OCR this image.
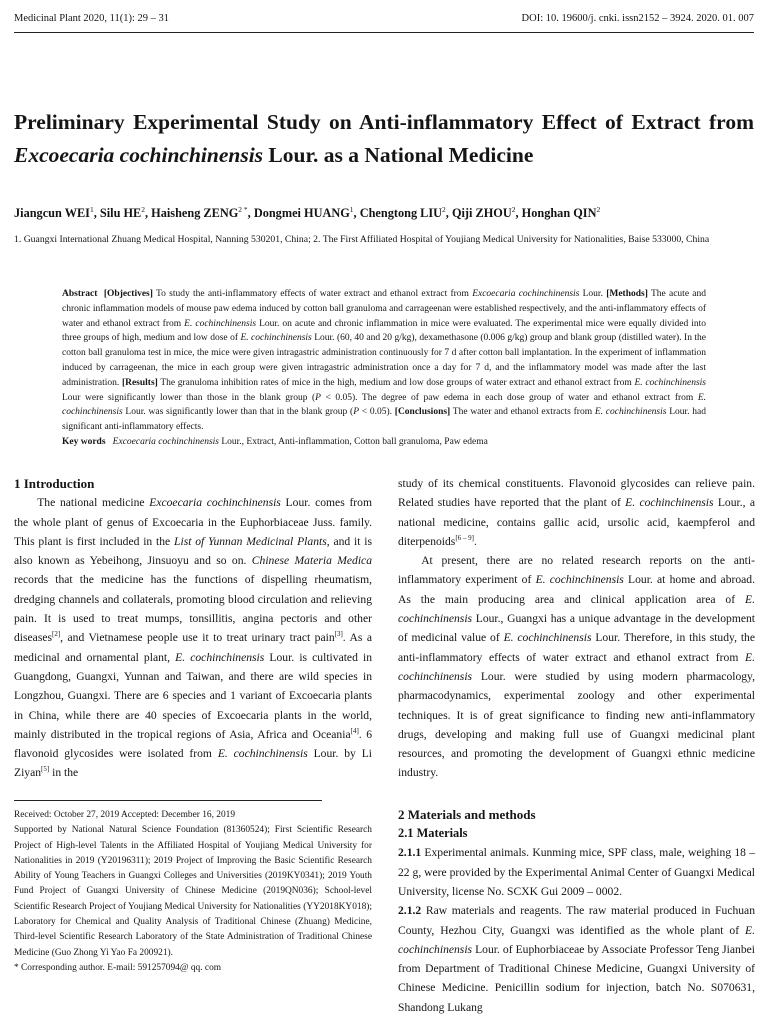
Medicinal Plant 2020, 11(1): 29 – 31	DOI: 10. 19600/j. cnki. issn2152 – 3924. 2020. 01. 007
Preliminary Experimental Study on Anti-inflammatory Effect of Extract from Excoecaria cochinchinensis Lour. as a National Medicine
Jiangcun WEI$^1$, Silu $HE^2$, Haisheng $ZENG^{2 *}$, Dongmei HUANG$^1$, Chengtong LIU$^2$, Qiji ZHOU$^2$, Honghan QIN$^2$
1. Guangxi International Zhuang Medical Hospital, Nanning 530201, China; 2. The First Affiliated Hospital of Youjiang Medical University for Nationalities, Baise 533000, China
Abstract [Objectives] To study the anti-inflammatory effects of water extract and ethanol extract from Excoecaria cochinchinensis Lour. [Methods] The acute and chronic inflammation models of mouse paw edema induced by cotton ball granuloma and carrageenan were established respectively, and the anti-inflammatory effects of water and ethanol extract from E. cochinchinensis Lour. on acute and chronic inflammation in mice were evaluated. The experimental mice were equally divided into three groups of high, medium and low dose of E. cochinchinensis Lour. (60, 40 and 20 g/kg), dexamethasone (0.006 g/kg) group and blank group (distilled water). In the cotton ball granuloma test in mice, the mice were given intragastric administration continuously for 7 d after cotton ball implantation. In the experiment of inflammation induced by carrageenan, the mice in each group were given intragastric administration once a day for 7 d, and the inflammatory model was made after the last administration. [Results] The granuloma inhibition rates of mice in the high, medium and low dose groups of water extract and ethanol extract from E. cochinchinensis Lour were significantly lower than those in the blank group (P < 0.05). The degree of paw edema in each dose group of water and ethanol extract from E. cochinchinensis Lour. was significantly lower than that in the blank group (P < 0.05). [Conclusions] The water and ethanol extracts from E. cochinchinensis Lour. had significant anti-inflammatory effects.
Key words Excoecaria cochinchinensis Lour., Extract, Anti-inflammation, Cotton ball granuloma, Paw edema

1 Introduction

The national medicine Excoecaria cochinchinensis Lour. comes from the whole plant of genus of Excoecaria in the Euphorbiaceae Juss. family. This plant is first included in the List of Yunnan Medicinal Plants, and it is also known as Yebeihong, Jinsuoyu and so on. Chinese Materia Medica records that the medicine has the functions of dispelling rheumatism, dredging channels and collaterals, promoting blood circulation and relieving pain. It is used to treat mumps, tonsillitis, angina pectoris and other diseases[2], and Vietnamese people use it to treat urinary tract pain[3]. As a medicinal and ornamental plant, E. cochinchinensis Lour. is cultivated in Guangdong, Guangxi, Yunnan and Taiwan, and there are wild species in Longzhou, Guangxi. There are 6 species and 1 variant of Excoecaria plants in China, while there are 40 species of Excoecaria plants in the world, mainly distributed in the tropical regions of Asia, Africa and Oceania[4]. 6 flavonoid glycosides were isolated from E. cochinchinensis Lour. by Li Ziyan[5] in the

Received: October 27, 2019 Accepted: December 16, 2019

Supported by National Natural Science Foundation (81360524); First Scientific Research Project of High-level Talents in the Affiliated Hospital of Youjiang Medical University for Nationalities in 2019 (Y20196311); 2019 Project of Improving the Basic Scientific Research Ability of Young Teachers in Guangxi Colleges and Universities (2019KY0341); 2019 Youth Fund Project of Guangxi University of Chinese Medicine (2019QN036); School-level Scientific Research Project of Youjiang Medical University for Nationalities (YY2018KY018); Laboratory for Chemical and Quality Analysis of Traditional Chinese (Zhuang) Medicine, Third-level Scientific Research Laboratory of the State Administration of Traditional Chinese Medicine (Guo Zhong Yi Yao Fa 200921).

* Corresponding author. E-mail: 591257094@ qq. com

study of its chemical constituents. Flavonoid glycosides can relieve pain. Related studies have reported that the plant of E. cochinchinensis Lour., a national medicine, contains gallic acid, ursolic acid, kaempferol and diterpenoids[6 – 9].

At present, there are no related research reports on the anti-inflammatory experiment of E. cochinchinensis Lour. at home and abroad. As the main producing area and clinical application area of E. cochinchinensis Lour., Guangxi has a unique advantage in the development of medicinal value of E. cochinchinensis Lour. Therefore, in this study, the anti-inflammatory effects of water extract and ethanol extract from E. cochinchinensis Lour. were studied by using modern pharmacology, pharmacodynamics, experimental zoology and other experimental techniques. It is of great significance to finding new anti-inflammatory drugs, developing and making full use of Guangxi medicinal plant resources, and promoting the development of Guangxi ethnic medicine industry.

2 Materials and methods

2.1 Materials

2.1.1 Experimental animals. Kunming mice, SPF class, male, weighing 18 – 22 g, were provided by the Experimental Animal Center of Guangxi Medical University, license No. SCXK Gui 2009 – 0002.

2.1.2 Raw materials and reagents. The raw material produced in Fuchuan County, Hezhou City, Guangxi was identified as the whole plant of E. cochinchinensis Lour. of Euphorbiaceae by Associate Professor Teng Jianbei from Department of Traditional Chinese Medicine, Guangxi University of Chinese Medicine. Penicillin sodium for injection, batch No. S070631, Shandong Lukang
